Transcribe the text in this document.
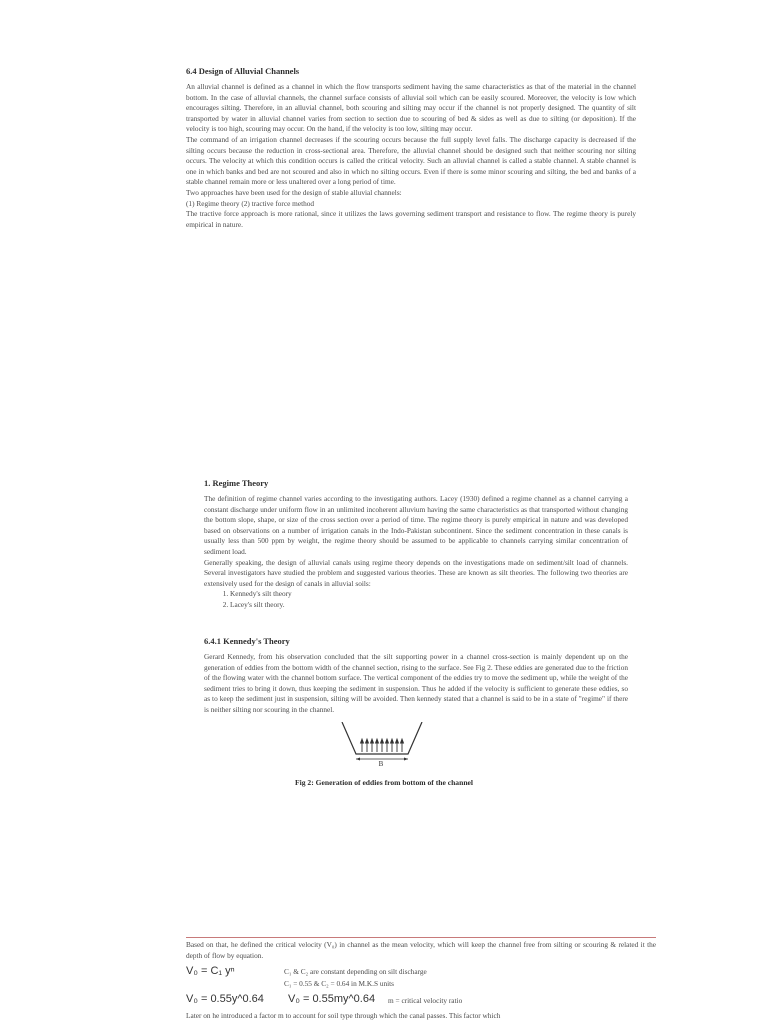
6.4 Design of Alluvial Channels

An alluvial channel is defined as a channel in which the flow transports sediment having the same characteristics as that of the material in the channel bottom. In the case of alluvial channels, the channel surface consists of alluvial soil which can be easily scoured. Moreover, the velocity is low which encourages silting. Therefore, in an alluvial channel, both scouring and silting may occur if the channel is not properly designed. The quantity of silt transported by water in alluvial channel varies from section to section due to scouring of bed & sides as well as due to silting (or deposition). If the velocity is too high, scouring may occur. On the hand, if the velocity is too low, silting may occur.

The command of an irrigation channel decreases if the scouring occurs because the full supply level falls. The discharge capacity is decreased if the silting occurs because the reduction in cross-sectional area. Therefore, the alluvial channel should be designed such that neither scouring nor silting occurs. The velocity at which this condition occurs is called the critical velocity. Such an alluvial channel is called a stable channel. A stable channel is one in which banks and bed are not scoured and also in which no silting occurs. Even if there is some minor scouring and silting, the bed and banks of a stable channel remain more or less unaltered over a long period of time.

Two approaches have been used for the design of stable alluvial channels:

(1) Regime theory (2) tractive force method

The tractive force approach is more rational, since it utilizes the laws governing sediment transport and resistance to flow. The regime theory is purely empirical in nature.

1. Regime Theory

The definition of regime channel varies according to the investigating authors. Lacey (1930) defined a regime channel as a channel carrying a constant discharge under uniform flow in an unlimited incoherent alluvium having the same characteristics as that transported without changing the bottom slope, shape, or size of the cross section over a period of time. The regime theory is purely empirical in nature and was developed based on observations on a number of irrigation canals in the Indo-Pakistan subcontinent. Since the sediment concentration in these canals is usually less than 500 ppm by weight, the regime theory should be assumed to be applicable to channels carrying similar concentration of sediment load.

Generally speaking, the design of alluvial canals using regime theory depends on the investigations made on sediment/silt load of channels. Several investigators have studied the problem and suggested various theories. These are known as silt theories. The following two theories are extensively used for the design of canals in alluvial soils:

1. Kennedy's silt theory
2. Lacey's silt theory.
6.4.1 Kennedy's Theory

Gerard Kennedy, from his observation concluded that the silt supporting power in a channel cross-section is mainly dependent up on the generation of eddies from the bottom width of the channel section, rising to the surface. See Fig 2. These eddies are generated due to the friction of the flowing water with the channel bottom surface. The vertical component of the eddies try to move the sediment up, while the weight of the sediment tries to bring it down, thus keeping the sediment in suspension. Thus he added if the velocity is sufficient to generate these eddies, so as to keep the sediment just in suspension, silting will be avoided. Then kennedy stated that a channel is said to be in a state of "regime" if there is neither silting nor scouring in the channel.

B
Fig 2: Generation of eddies from bottom of the channel

Based on that, he defined the critical velocity (V₀) in channel as the mean velocity, which will keep the channel free from silting or scouring & related it the depth of flow by equation.

V₀ = C₁ yⁿ	C₁ & C₂ are constant depending on silt discharge
C₁ = 0.55 & C₂ = 0.64 in M.K.S units
V₀ = 0.55y^0.64 V₀ = 0.55my^0.64 m = critical velocity ratio

Later on he introduced a factor m to account for soil type through which the canal passes. This factor which
